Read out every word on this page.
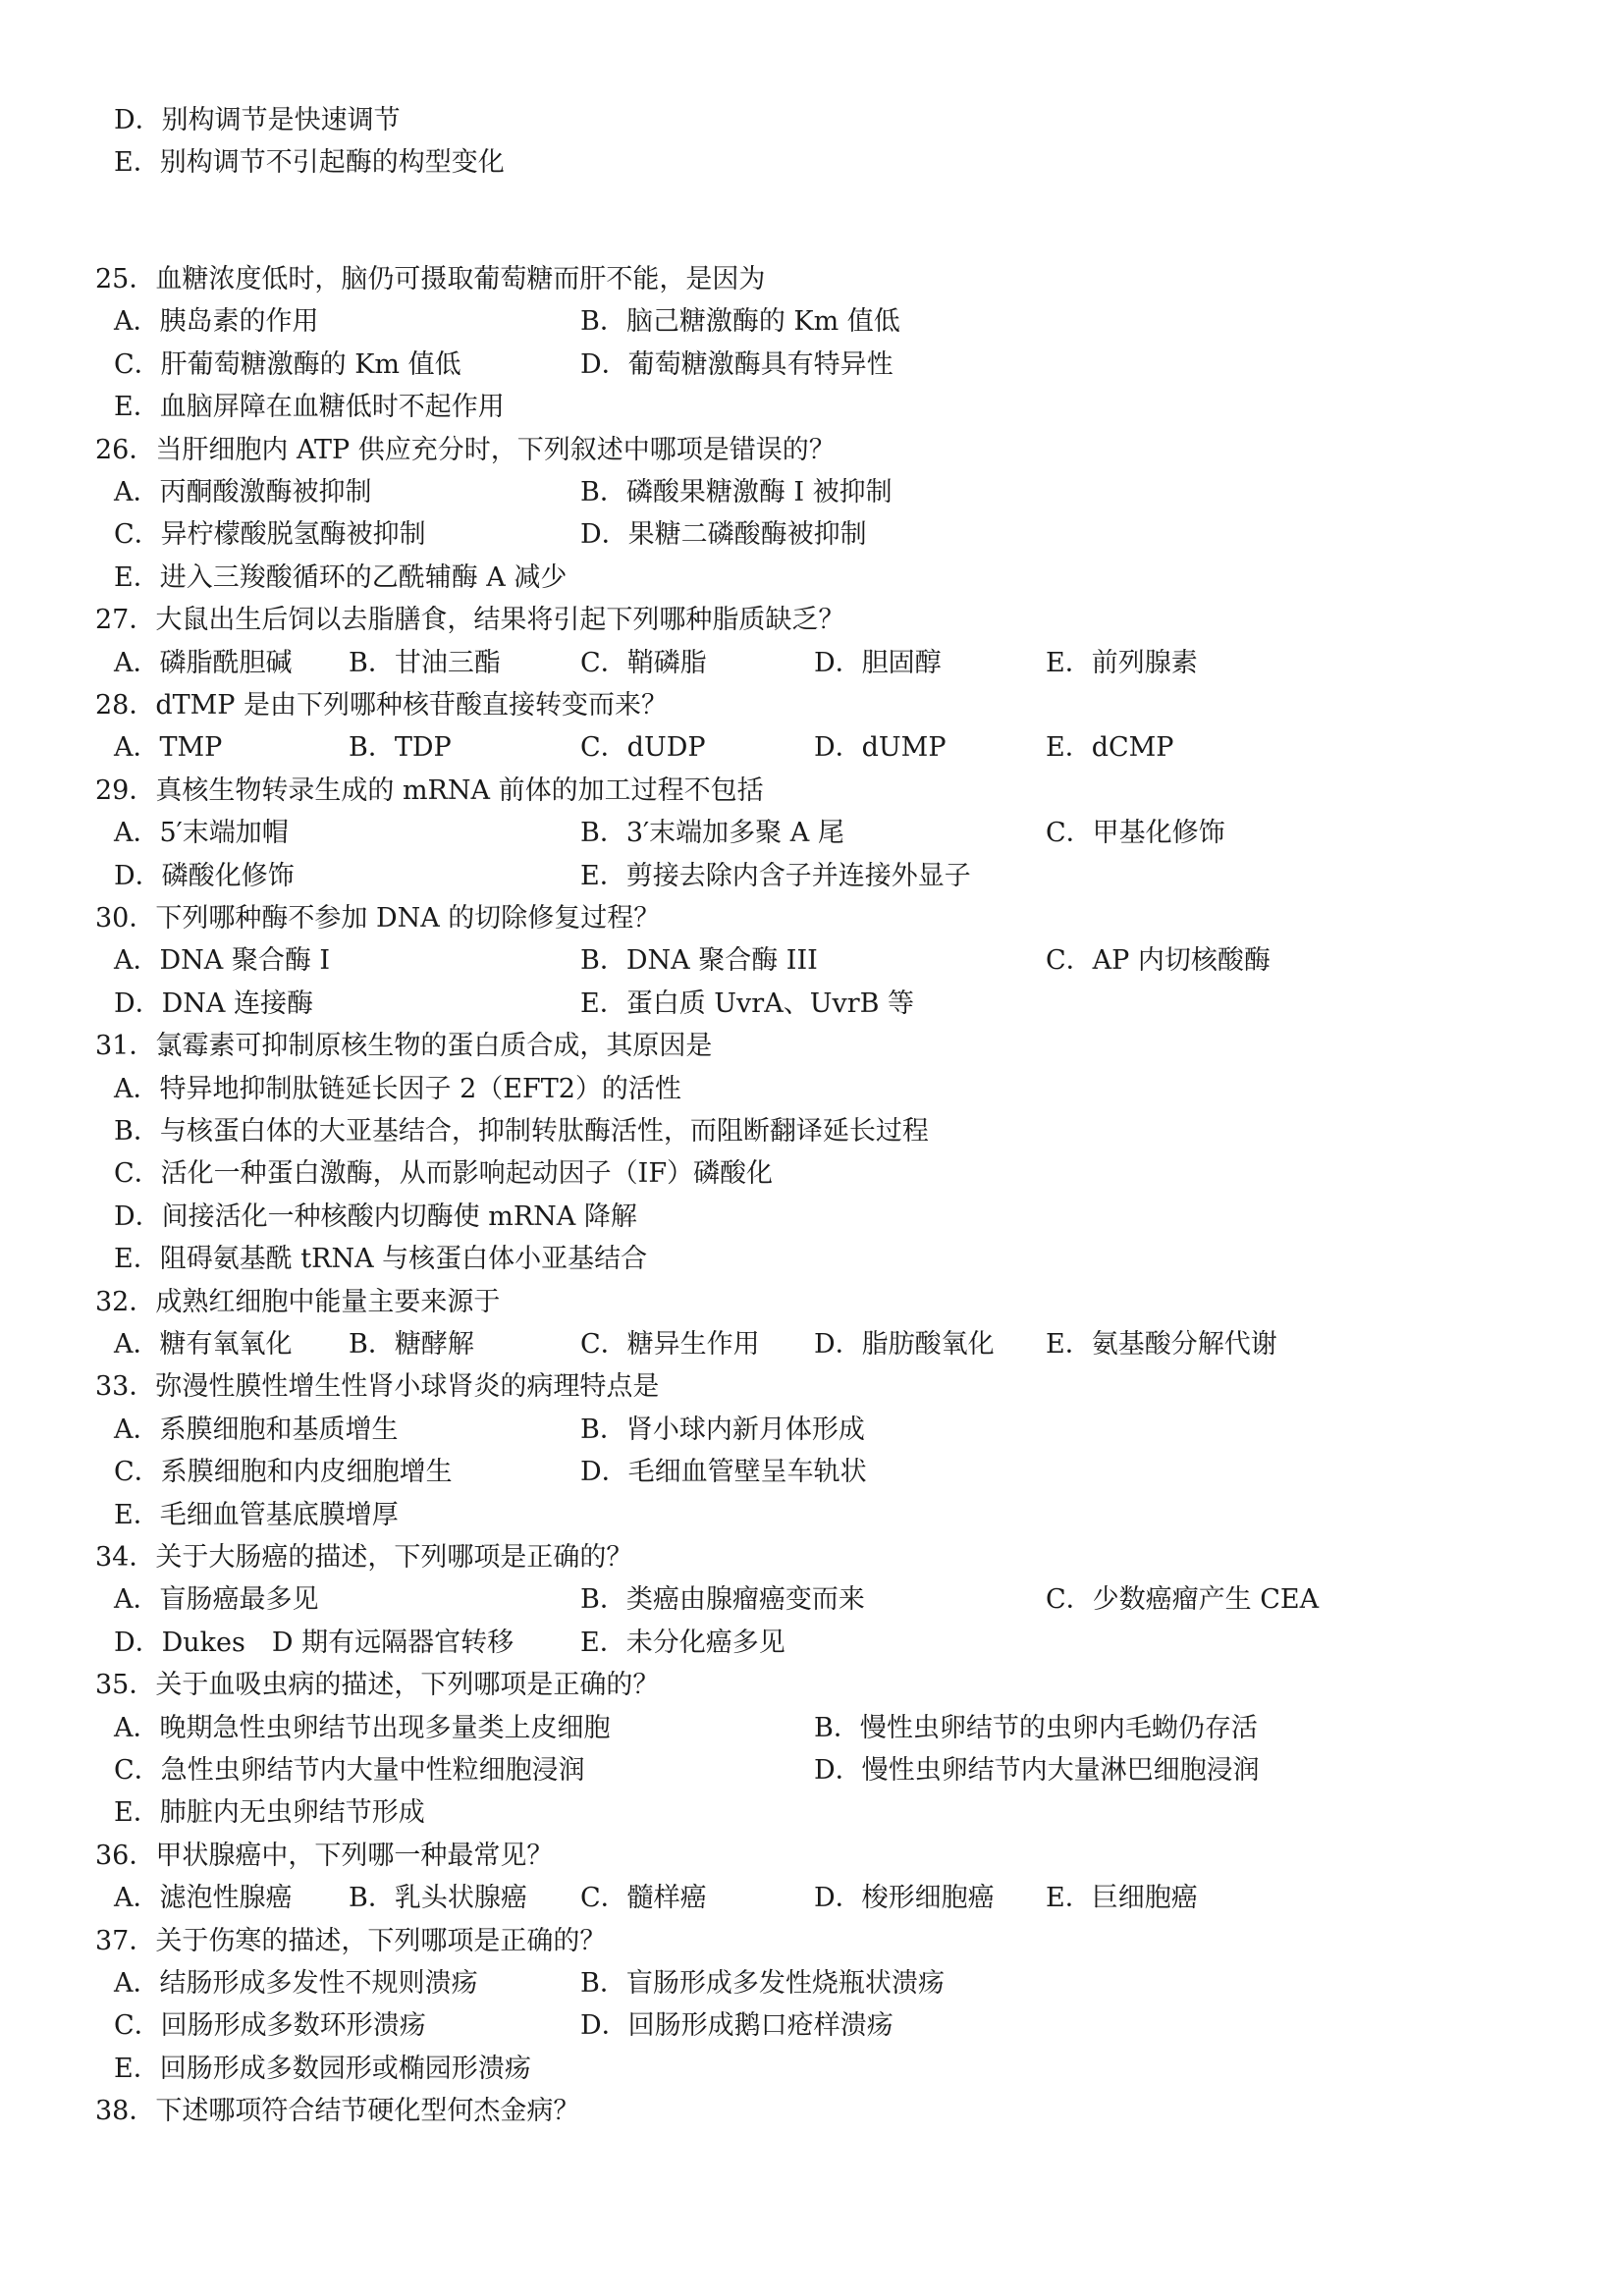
D．别构调节是快速调节
E．别构调节不引起酶的构型变化
25．血糖浓度低时，脑仍可摄取葡萄糖而肝不能，是因为
A．胰岛素的作用	B．脑己糖激酶的 Km 值低
C．肝葡萄糖激酶的 Km 值低	D．葡萄糖激酶具有特异性
E．血脑屏障在血糖低时不起作用
26．当肝细胞内 ATP 供应充分时，下列叙述中哪项是错误的？
A．丙酮酸激酶被抑制	B．磷酸果糖激酶 I 被抑制
C．异柠檬酸脱氢酶被抑制	D．果糖二磷酸酶被抑制
E．进入三羧酸循环的乙酰辅酶 A 减少
27．大鼠出生后饲以去脂膳食，结果将引起下列哪种脂质缺乏？
A．磷脂酰胆碱 B．甘油三酯	C．鞘磷脂	D．胆固醇	E．前列腺素
28．dTMP 是由下列哪种核苷酸直接转变而来？
A．TMP	B．TDP	C．dUDP	D．dUMP	E．dCMP
29．真核生物转录生成的 mRNA 前体的加工过程不包括
A．5′末端加帽	B．3′末端加多聚 A 尾	C．甲基化修饰
D．磷酸化修饰	E．剪接去除内含子并连接外显子
30．下列哪种酶不参加 DNA 的切除修复过程？
A．DNA 聚合酶 I	B．DNA 聚合酶 III	C．AP 内切核酸酶
D．DNA 连接酶	E．蛋白质 UvrA、UvrB 等
31．氯霉素可抑制原核生物的蛋白质合成，其原因是
A．特异地抑制肽链延长因子 2（EFT2）的活性
B．与核蛋白体的大亚基结合，抑制转肽酶活性，而阻断翻译延长过程
C．活化一种蛋白激酶，从而影响起动因子（IF）磷酸化
D．间接活化一种核酸内切酶使 mRNA 降解
E．阻碍氨基酰 tRNA 与核蛋白体小亚基结合
32．成熟红细胞中能量主要来源于
A．糖有氧氧化 B．糖酵解	C．糖异生作用 D．脂肪酸氧化 E．氨基酸分解代谢
33．弥漫性膜性增生性肾小球肾炎的病理特点是
A．系膜细胞和基质增生	B．肾小球内新月体形成
C．系膜细胞和内皮细胞增生	D．毛细血管壁呈车轨状
E．毛细血管基底膜增厚
34．关于大肠癌的描述，下列哪项是正确的？
A．盲肠癌最多见	B．类癌由腺瘤癌变而来	C．少数癌瘤产生 CEA
D．Dukes　D 期有远隔器官转移	E．未分化癌多见
35．关于血吸虫病的描述，下列哪项是正确的？
A．晚期急性虫卵结节出现多量类上皮细胞	B．慢性虫卵结节的虫卵内毛蚴仍存活
C．急性虫卵结节内大量中性粒细胞浸润	D．慢性虫卵结节内大量淋巴细胞浸润
E．肺脏内无虫卵结节形成
36．甲状腺癌中，下列哪一种最常见？
A．滤泡性腺癌 B．乳头状腺癌 C．髓样癌	D．梭形细胞癌 E．巨细胞癌
37．关于伤寒的描述，下列哪项是正确的？
A．结肠形成多发性不规则溃疡	B．盲肠形成多发性烧瓶状溃疡
C．回肠形成多数环形溃疡	D．回肠形成鹅口疮样溃疡
E．回肠形成多数园形或椭园形溃疡
38．下述哪项符合结节硬化型何杰金病？
